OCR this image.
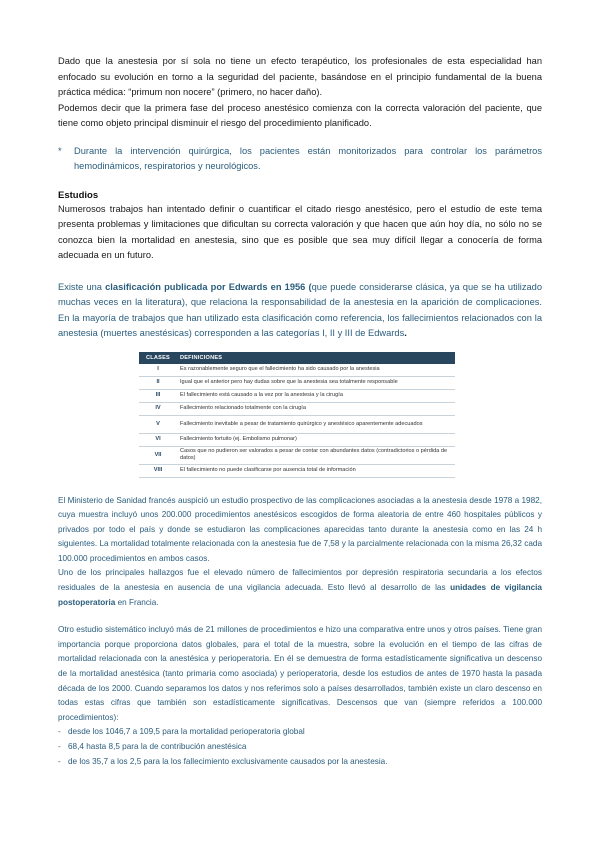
Dado que la anestesia por sí sola no tiene un efecto terapéutico, los profesionales de esta especialidad han enfocado su evolución en torno a la seguridad del paciente, basándose en el principio fundamental de la buena práctica médica: “primum non nocere” (primero, no hacer daño).

Podemos decir que la primera fase del proceso anestésico comienza con la correcta valoración del paciente, que tiene como objeto principal disminuir el riesgo del procedimiento planificado.

* Durante la intervención quirúrgica, los pacientes están monitorizados para controlar los parámetros hemodinámicos, respiratorios y neurológicos.

Estudios

Numerosos trabajos han intentado definir o cuantificar el citado riesgo anestésico, pero el estudio de este tema presenta problemas y limitaciones que dificultan su correcta valoración y que hacen que aún hoy día, no sólo no se conozca bien la mortalidad en anestesia, sino que es posible que sea muy difícil llegar a conocería de forma adecuada en un futuro.

Existe una clasificación publicada por Edwards en 1956 (que puede considerarse clásica, ya que se ha utilizado muchas veces en la literatura), que relaciona la responsabilidad de la anestesia en la aparición de complicaciones. En la mayoría de trabajos que han utilizado esta clasificación como referencia, los fallecimientos relacionados con la anestesia (muertes anestésicas) corresponden a las categorías I, II y III de Edwards.

CLASES	DEFINICIONES
I	Es razonablemente seguro que el fallecimiento ha sido causado por la anestesia
II	Igual que el anterior pero hay dudas sobre que la anestesia sea totalmente responsable
III	El fallecimiento está causado a la vez por la anestesia y la cirugía
IV	Fallecimiento relacionado totalmente con la cirugía
V	Fallecimiento inevitable a pesar de tratamiento quirúrgico y anestésico aparentemente adecuados
VI	Fallecimiento fortuito (ej. Embolismo pulmonar)
VII	Casos que no pudieron ser valorados a pesar de contar con abundantes datos (contradictorios o pérdida de datos)
VIII	El fallecimiento no puede clasificarse por ausencia total de información

El Ministerio de Sanidad francés auspició un estudio prospectivo de las complicaciones asociadas a la anestesia desde 1978 a 1982, cuya muestra incluyó unos 200.000 procedimientos anestésicos escogidos de forma aleatoria de entre 460 hospitales públicos y privados por todo el país y donde se estudiaron las complicaciones aparecidas tanto durante la anestesia como en las 24 h siguientes. La mortalidad totalmente relacionada con la anestesia fue de 7,58 y la parcialmente relacionada con la misma 26,32 cada 100.000 procedimientos en ambos casos.

Uno de los principales hallazgos fue el elevado número de fallecimientos por depresión respiratoria secundaria a los efectos residuales de la anestesia en ausencia de una vigilancia adecuada. Esto llevó al desarrollo de las unidades de vigilancia postoperatoria en Francia.

Otro estudio sistemático incluyó más de 21 millones de procedimientos e hizo una comparativa entre unos y otros países. Tiene gran importancia porque proporciona datos globales, para el total de la muestra, sobre la evolución en el tiempo de las cifras de mortalidad relacionada con la anestésica y perioperatoria. En él se demuestra de forma estadísticamente significativa un descenso de la mortalidad anestésica (tanto primaria como asociada) y perioperatoria, desde los estudios de antes de 1970 hasta la pasada década de los 2000. Cuando separamos los datos y nos referimos solo a países desarrollados, también existe un claro descenso en todas estas cifras que también son estadísticamente significativas. Descensos que van (siempre referidos a 100.000 procedimientos):

- desde los 1046,7 a 109,5 para la mortalidad perioperatoria global
- 68,4 hasta 8,5 para la de contribución anestésica
- de los 35,7 a los 2,5 para la los fallecimiento exclusivamente causados por la anestesia.
